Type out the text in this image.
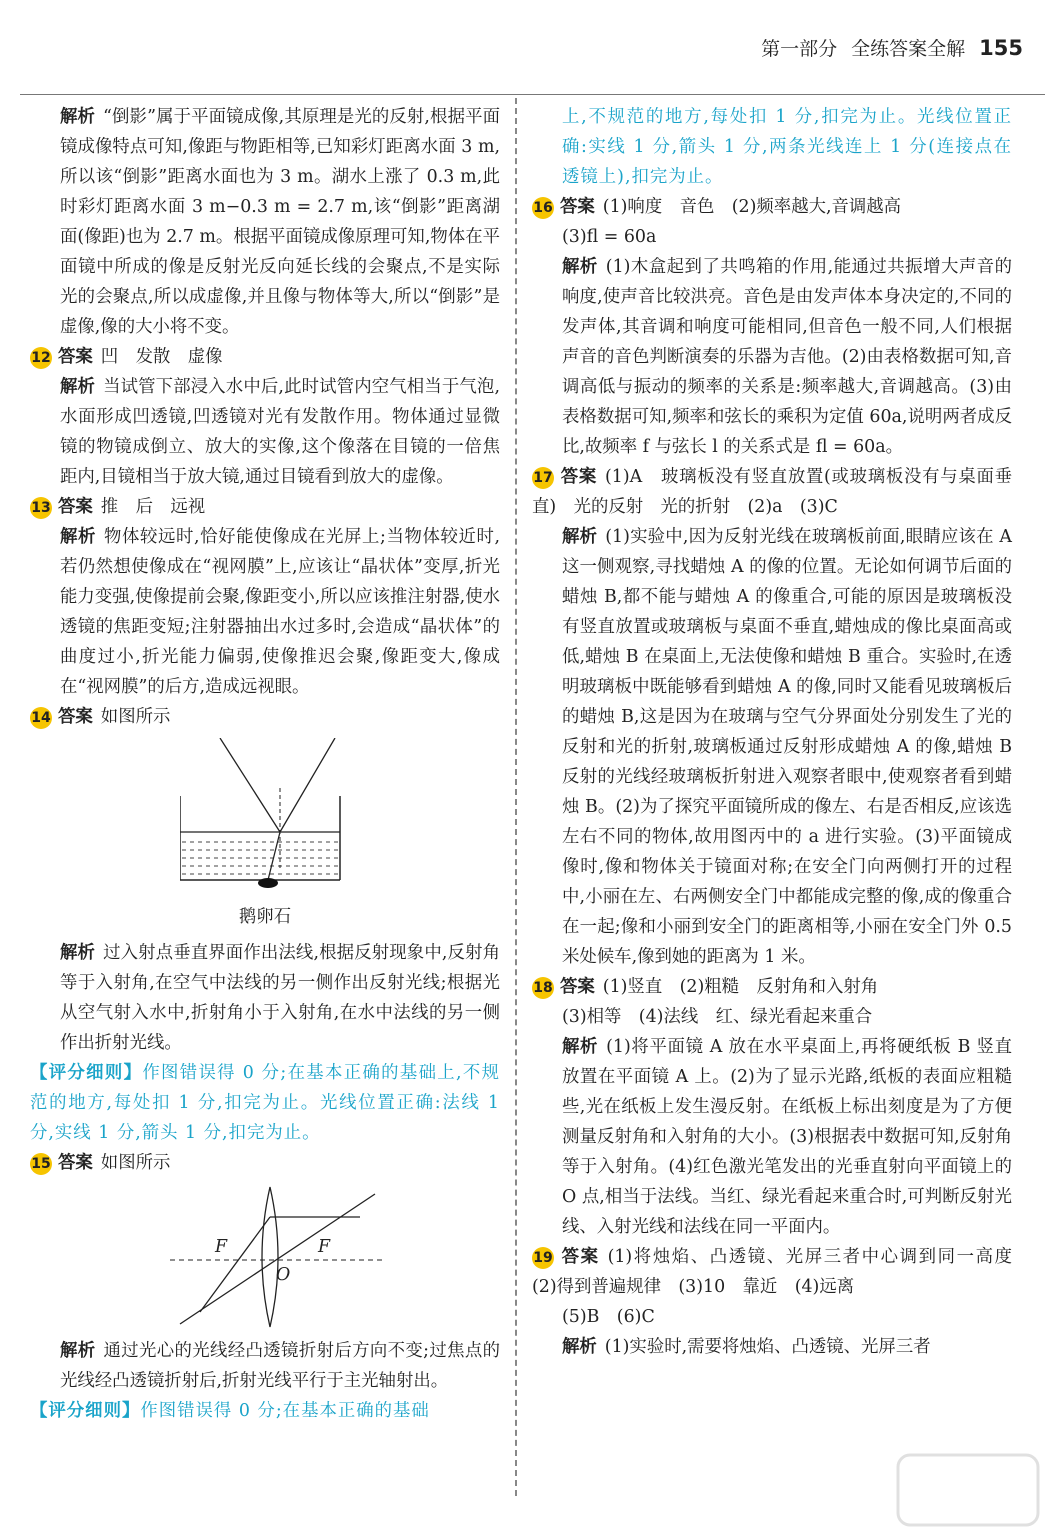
第一部分 全练答案全解 155

解析 “倒影”属于平面镜成像,其原理是光的反射,根据平面镜成像特点可知,像距与物距相等,已知彩灯距离水面 3 m,所以该“倒影”距离水面也为 3 m。湖水上涨了 0.3 m,此时彩灯距离水面 3 m−0.3 m = 2.7 m,该“倒影”距离湖面(像距)也为 2.7 m。根据平面镜成像原理可知,物体在平面镜中所成的像是反射光反向延长线的会聚点,不是实际光的会聚点,所以成虚像,并且像与物体等大,所以“倒影”是虚像,像的大小将不变。

12 答案 凹　发散　虚像

解析 当试管下部浸入水中后,此时试管内空气相当于气泡,水面形成凹透镜,凹透镜对光有发散作用。物体通过显微镜的物镜成倒立、放大的实像,这个像落在目镜的一倍焦距内,目镜相当于放大镜,通过目镜看到放大的虚像。

13 答案 推　后　远视

解析 物体较远时,恰好能使像成在光屏上;当物体较近时,若仍然想使像成在“视网膜”上,应该让“晶状体”变厚,折光能力变强,使像提前会聚,像距变小,所以应该推注射器,使水透镜的焦距变短;注射器抽出水过多时,会造成“晶状体”的曲度过小,折光能力偏弱,使像推迟会聚,像距变大,像成在“视网膜”的后方,造成远视眼。

14 答案 如图所示

鹅卵石

解析 过入射点垂直界面作出法线,根据反射现象中,反射角等于入射角,在空气中法线的另一侧作出反射光线;根据光从空气射入水中,折射角小于入射角,在水中法线的另一侧作出折射光线。

【评分细则】作图错误得 0 分;在基本正确的基础上,不规范的地方,每处扣 1 分,扣完为止。光线位置正确:法线 1 分,实线 1 分,箭头 1 分,扣完为止。

15 答案 如图所示

F	F
O

解析 通过光心的光线经凸透镜折射后方向不变;过焦点的光线经凸透镜折射后,折射光线平行于主光轴射出。

【评分细则】作图错误得 0 分;在基本正确的基础

上,不规范的地方,每处扣 1 分,扣完为止。光线位置正确:实线 1 分,箭头 1 分,两条光线连上 1 分(连接点在透镜上),扣完为止。

16 答案 (1)响度　音色　(2)频率越大,音调越高

(3)fl = 60a

解析 (1)木盒起到了共鸣箱的作用,能通过共振增大声音的响度,使声音比较洪亮。音色是由发声体本身决定的,不同的发声体,其音调和响度可能相同,但音色一般不同,人们根据声音的音色判断演奏的乐器为吉他。(2)由表格数据可知,音调高低与振动的频率的关系是:频率越大,音调越高。(3)由表格数据可知,频率和弦长的乘积为定值 60a,说明两者成反比,故频率 f 与弦长 l 的关系式是 fl = 60a。

17 答案 (1)A　玻璃板没有竖直放置(或玻璃板没有与桌面垂直)　光的反射　光的折射　(2)a　(3)C

解析 (1)实验中,因为反射光线在玻璃板前面,眼睛应该在 A 这一侧观察,寻找蜡烛 A 的像的位置。无论如何调节后面的蜡烛 B,都不能与蜡烛 A 的像重合,可能的原因是玻璃板没有竖直放置或玻璃板与桌面不垂直,蜡烛成的像比桌面高或低,蜡烛 B 在桌面上,无法使像和蜡烛 B 重合。实验时,在透明玻璃板中既能够看到蜡烛 A 的像,同时又能看见玻璃板后的蜡烛 B,这是因为在玻璃与空气分界面处分别发生了光的反射和光的折射,玻璃板通过反射形成蜡烛 A 的像,蜡烛 B 反射的光线经玻璃板折射进入观察者眼中,使观察者看到蜡烛 B。(2)为了探究平面镜所成的像左、右是否相反,应该选左右不同的物体,故用图丙中的 a 进行实验。(3)平面镜成像时,像和物体关于镜面对称;在安全门向两侧打开的过程中,小丽在左、右两侧安全门中都能成完整的像,成的像重合在一起;像和小丽到安全门的距离相等,小丽在安全门外 0.5 米处候车,像到她的距离为 1 米。

18 答案 (1)竖直　(2)粗糙　反射角和入射角

(3)相等　(4)法线　红、绿光看起来重合

解析 (1)将平面镜 A 放在水平桌面上,再将硬纸板 B 竖直放置在平面镜 A 上。(2)为了显示光路,纸板的表面应粗糙些,光在纸板上发生漫反射。在纸板上标出刻度是为了方便测量反射角和入射角的大小。(3)根据表中数据可知,反射角等于入射角。(4)红色激光笔发出的光垂直射向平面镜上的 O 点,相当于法线。当红、绿光看起来重合时,可判断反射光线、入射光线和法线在同一平面内。

19 答案 (1)将烛焰、凸透镜、光屏三者中心调到同一高度　(2)得到普遍规律　(3)10　靠近　(4)远离

(5)B　(6)C

解析 (1)实验时,需要将烛焰、凸透镜、光屏三者
